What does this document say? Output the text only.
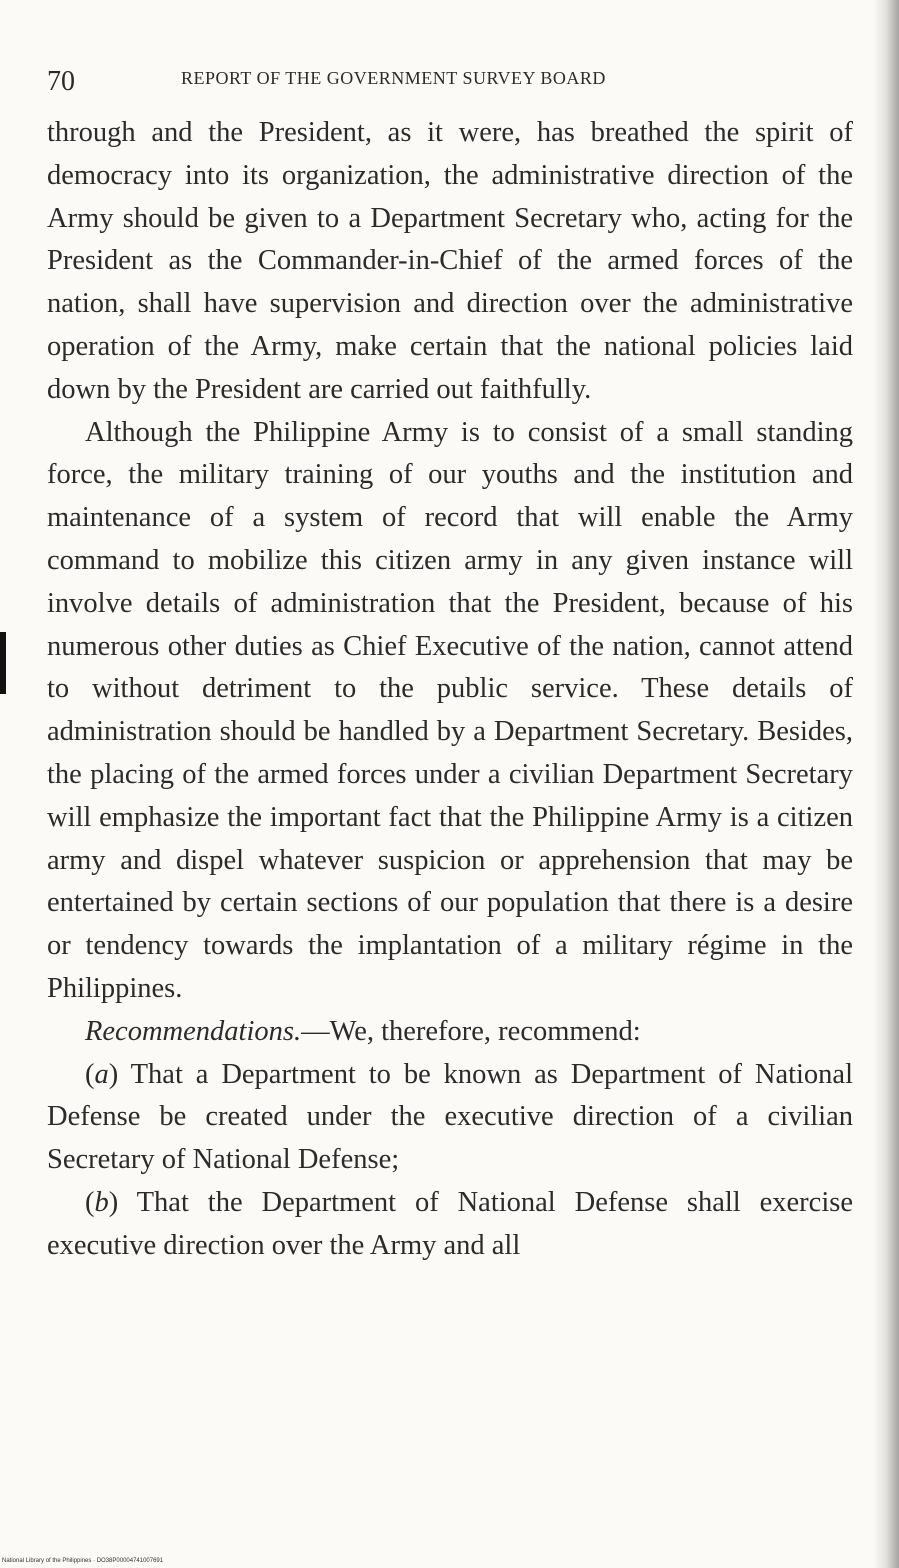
70	REPORT OF THE GOVERNMENT SURVEY BOARD

through and the President, as it were, has breathed the spirit of democracy into its organization, the administrative direction of the Army should be given to a Department Secretary who, acting for the President as the Commander-in-Chief of the armed forces of the nation, shall have supervision and direction over the administrative operation of the Army, make certain that the national policies laid down by the President are carried out faithfully.

Although the Philippine Army is to consist of a small standing force, the military training of our youths and the institution and maintenance of a system of record that will enable the Army command to mobilize this citizen army in any given instance will involve details of administration that the President, because of his numerous other duties as Chief Executive of the nation, cannot attend to without detriment to the public service. These details of administration should be handled by a Department Secretary. Besides, the placing of the armed forces under a civilian Department Secretary will emphasize the important fact that the Philippine Army is a citizen army and dispel whatever suspicion or apprehension that may be entertained by certain sections of our population that there is a desire or tendency towards the implantation of a military régime in the Philippines.

Recommendations.—We, therefore, recommend:

(a) That a Department to be known as Department of National Defense be created under the executive direction of a civilian Secretary of National Defense;

(b) That the Department of National Defense shall exercise executive direction over the Army and all

National Library of the Philippines · DO38P00004741007691
